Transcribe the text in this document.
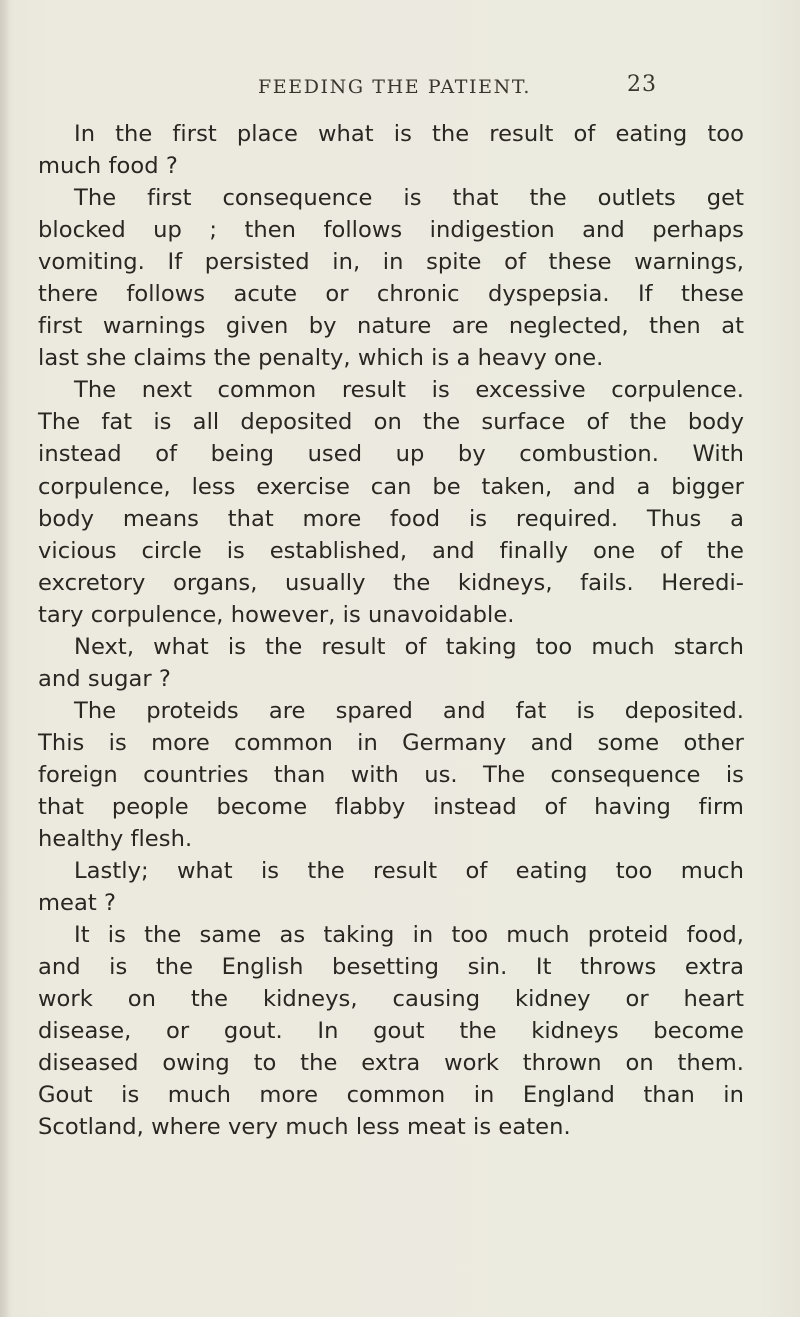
FEEDING THE PATIENT.	23
In the first place what is the result of eating too
much food ?
The first consequence is that the outlets get
blocked up ; then follows indigestion and perhaps
vomiting. If persisted in, in spite of these warnings,
there follows acute or chronic dyspepsia. If these
first warnings given by nature are neglected, then at
last she claims the penalty, which is a heavy one.
The next common result is excessive corpulence.
The fat is all deposited on the surface of the body
instead of being used up by combustion. With
corpulence, less exercise can be taken, and a bigger
body means that more food is required. Thus a
vicious circle is established, and finally one of the
excretory organs, usually the kidneys, fails. Heredi-
tary corpulence, however, is unavoidable.
Next, what is the result of taking too much starch
and sugar ?
The proteids are spared and fat is deposited.
This is more common in Germany and some other
foreign countries than with us. The consequence is
that people become flabby instead of having firm
healthy flesh.
Lastly; what is the result of eating too much
meat ?
It is the same as taking in too much proteid food,
and is the English besetting sin. It throws extra
work on the kidneys, causing kidney or heart
disease, or gout. In gout the kidneys become
diseased owing to the extra work thrown on them.
Gout is much more common in England than in
Scotland, where very much less meat is eaten.
